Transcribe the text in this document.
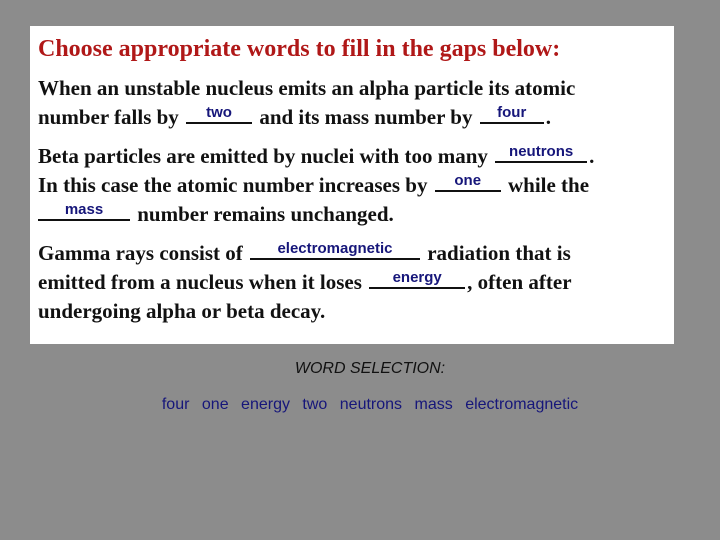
Choose appropriate words to fill in the gaps below:
When an unstable nucleus emits an alpha particle its atomic
number falls by	two	and its mass number by	four .
Beta particles are emitted by nuclei with too many	neutrons .
In this case the atomic number increases by	one	while the

mass	number remains unchanged.
Gamma rays consist of	electromagnetic	radiation that is
emitted from a nucleus when it loses	energy	, often after
undergoing alpha or beta decay.
WORD SELECTION:
four one energy two neutrons mass electromagnetic
